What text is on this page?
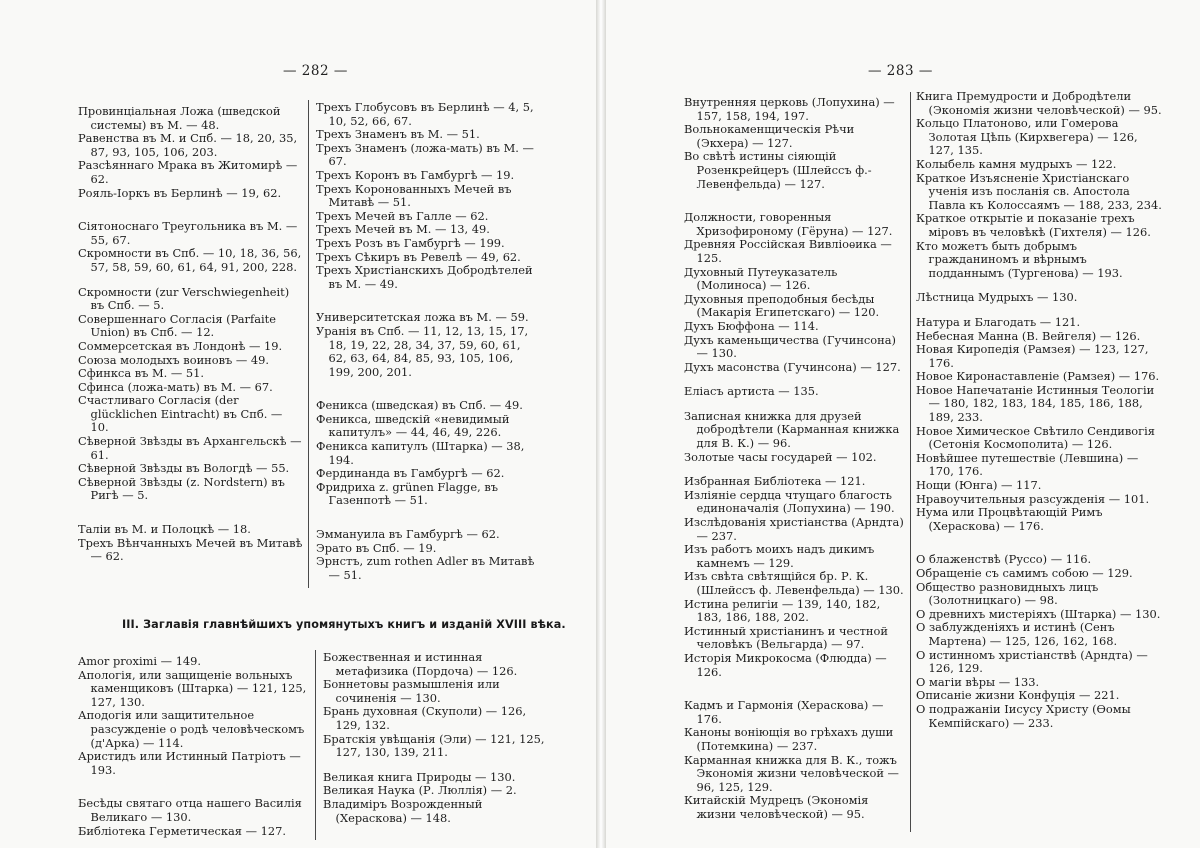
— 282 —

Провинціальная Ложа (шведской системы) въ М. — 48.

Равенства въ М. и Спб. — 18, 20, 35, 87, 93, 105, 106, 203.

Разсѣяннаго Мрака въ Житомирѣ — 62.

Рояль-Іоркъ въ Берлинѣ — 19, 62.

Сіятоноснаго Треугольника въ М. — 55, 67.

Скромности въ Спб. — 10, 18, 36, 56, 57, 58, 59, 60, 61, 64, 91, 200, 228.

Скромности (zur Verschwiegenheit) въ Спб. — 5.

Совершеннаго Согласія (Parfaite Union) въ Спб. — 12.

Соммерсетская въ Лондонѣ — 19.

Союза молодыхъ воиновъ — 49.

Сфинкса въ М. — 51.

Сфинса (ложа-мать) въ М. — 67.

Счастливаго Согласія (der glücklichen Eintracht) въ Спб. — 10.

Сѣверной Звѣзды въ Архангельскѣ — 61.

Сѣверной Звѣзды въ Вологдѣ — 55.

Сѣверной Звѣзды (z. Nordstern) въ Ригѣ — 5.

Таліи въ М. и Полоцкѣ — 18.

Трехъ Вѣнчанныхъ Мечей въ Митавѣ — 62.

Трехъ Глобусовъ въ Берлинѣ — 4, 5, 10, 52, 66, 67.

Трехъ Знаменъ въ М. — 51.

Трехъ Знаменъ (ложа-мать) въ М. — 67.

Трехъ Коронъ въ Гамбургѣ — 19.

Трехъ Коронованныхъ Мечей въ Митавѣ — 51.

Трехъ Мечей въ Галле — 62.

Трехъ Мечей въ М. — 13, 49.

Трехъ Розъ въ Гамбургѣ — 199.

Трехъ Сѣкиръ въ Ревелѣ — 49, 62.

Трехъ Христіанскихъ Добродѣтелей въ М. — 49.

Университетская ложа въ М. — 59.

Уранія въ Спб. — 11, 12, 13, 15, 17, 18, 19, 22, 28, 34, 37, 59, 60, 61, 62, 63, 64, 84, 85, 93, 105, 106, 199, 200, 201.

Феникса (шведская) въ Спб. — 49.

Феникса, шведскій «невидимый капитулъ» — 44, 46, 49, 226.

Феникса капитулъ (Штарка) — 38, 194.

Фердинанда въ Гамбургѣ — 62.

Фридриха z. grünen Flagge, въ Газенпотѣ — 51.

Эммануила въ Гамбургѣ — 62.

Эрато въ Спб. — 19.

Эрнстъ, zum rothen Adler въ Митавѣ — 51.

III. Заглавія главнѣйшихъ упомянутыхъ книгъ и изданій XVIII вѣка.

Amor proximi — 149.

Апологія, или защищеніе вольныхъ каменщиковъ (Штарка) — 121, 125, 127, 130.

Аподогія или защитительное разсужденіе о родѣ человѣческомъ (д'Арка) — 114.

Аристидъ или Истинный Патріотъ — 193.

Бесѣды святаго отца нашего Василія Великаго — 130.

Библіотека Герметическая — 127.

Божественная и истинная метафизика (Пордоча) — 126.

Боннетовы размышленія или сочиненія — 130.

Брань духовная (Скуполи) — 126, 129, 132.

Братскія увѣщанія (Эли) — 121, 125, 127, 130, 139, 211.

Великая книга Природы — 130.

Великая Наука (Р. Люллія) — 2.

Владиміръ Возрожденный (Хераскова) — 148.

— 283 —

Внутренняя церковь (Лопухина) — 157, 158, 194, 197.

Вольнокаменщическія Рѣчи (Экхера) — 127.

Во свѣтѣ истины сіяющій Розенкрейцеръ (Шлейссъ ф.-Левенфельда) — 127.

Должности, говоренныя Хризофироному (Гёруна) — 127.

Древняя Россійская Вивліоѳика — 125.

Духовный Путеуказатель (Молиноса) — 126.

Духовныя преподобныя бесѣды (Макарія Египетскаго) — 120.

Духъ Бюффона — 114.

Духъ каменьщичества (Гучинсона) — 130.

Духъ масонства (Гучинсона) — 127.

Еліасъ артиста — 135.

Записная книжка для друзей добродѣтели (Карманная книжка для В. К.) — 96.

Золотые часы государей — 102.

Избранная Библіотека — 121.

Изліяніе сердца чтущаго благость единоначалія (Лопухина) — 190.

Изслѣдованія христіанства (Арндта) — 237.

Изъ работъ моихъ надъ дикимъ камнемъ — 129.

Изъ свѣта свѣтящійся бр. Р. К. (Шлейссъ ф. Левенфельда) — 130.

Истина религіи — 139, 140, 182, 183, 186, 188, 202.

Истинный христіанинъ и честной человѣкъ (Вельгарда) — 97.

Исторія Микрокосма (Флюдда) — 126.

Кадмъ и Гармонія (Хераскова) — 176.

Каноны воніющія во грѣхахъ души (Потемкина) — 237.

Карманная книжка для В. К., тожъ Экономія жизни человѣческой — 96, 125, 129.

Китайскій Мудрецъ (Экономія жизни человѣческой) — 95.

Книга Премудрости и Добродѣтели (Экономія жизни человѣческой) — 95.

Кольцо Платоново, или Гомерова Золотая Цѣпь (Кирхвегера) — 126, 127, 135.

Колыбель камня мудрыхъ — 122.

Краткое Изъясненіе Христіанскаго ученія изъ посланія св. Апостола Павла къ Колоссаямъ — 188, 233, 234.

Краткое открытіе и показаніе трехъ міровъ въ человѣкѣ (Гихтеля) — 126.

Кто можетъ быть добрымъ гражданиномъ и вѣрнымъ подданнымъ (Тургенова) — 193.

Лѣстница Мудрыхъ — 130.

Натура и Благодать — 121.

Небесная Манна (В. Вейгеля) — 126.

Новая Киропедія (Рамзея) — 123, 127, 176.

Новое Киронаставленіе (Рамзея) — 176.

Новое Напечатаніе Истинныя Теологіи — 180, 182, 183, 184, 185, 186, 188, 189, 233.

Новое Химическое Свѣтило Сендивогія (Сетонія Космополита) — 126.

Новѣйшее путешествіе (Левшина) — 170, 176.

Нощи (Юнга) — 117.

Нравоучительныя разсужденія — 101.

Нума или Процвѣтающій Римъ (Хераскова) — 176.

О блаженствѣ (Руссо) — 116.

Обращеніе съ самимъ собою — 129.

Общество разновидныхъ лицъ (Золотницкаго) — 98.

О древнихъ мистеріяхъ (Штарка) — 130.

О заблужденіяхъ и истинѣ (Сенъ Мартена) — 125, 126, 162, 168.

О истинномъ христіанствѣ (Арндта) — 126, 129.

О магіи вѣры — 133.

Описаніе жизни Конфуція — 221.

О подражаніи Іисусу Христу (Ѳомы Кемпійскаго) — 233.
